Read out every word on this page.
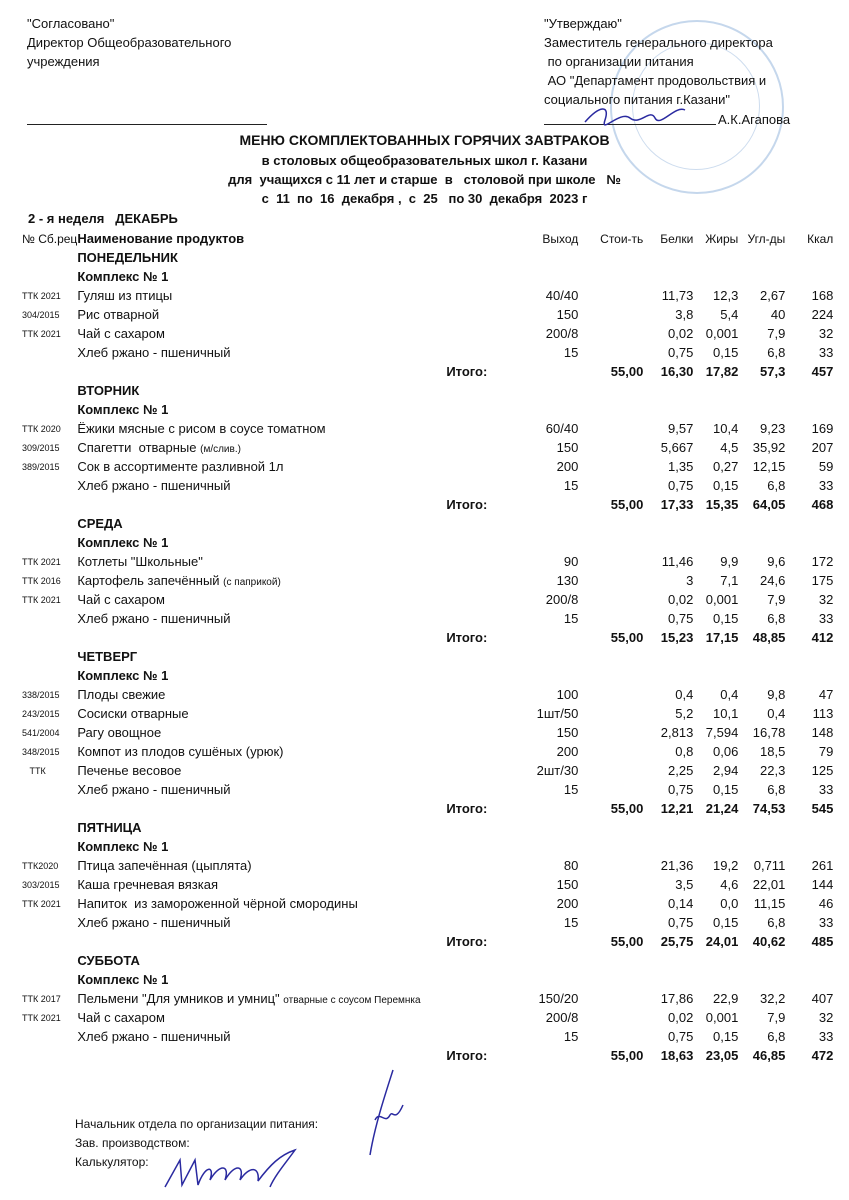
"Согласовано"
Директор Общеобразовательного
учреждения
"Утверждаю"
Заместитель генерального директора
по организации питания
АО "Департамент продовольствия и
социального питания г.Казани"
А.К.Агапова
МЕНЮ СКОМПЛЕКТОВАННЫХ ГОРЯЧИХ ЗАВТРАКОВ
в столовых общеобразовательных школ г. Казани
для  учащихся с 11 лет и старше  в   столовой при школе   №
с  11  по  16  декабря ,  с  25   по 30  декабря  2023 г
2 - я неделя   ДЕКАБРЬ
№ Сб.рец	Наименование продуктов	Выход	Стои-ть	Белки	Жиры	Угл-ды	Ккал
	ПОНЕДЕЛЬНИК						
	Комплекс № 1						
ТТК 2021	Гуляш из птицы	40/40		11,73	12,3	2,67	168
304/2015	Рис отварной	150		3,8	5,4	40	224
ТТК 2021	Чай с сахаром	200/8		0,02	0,001	7,9	32
	Хлеб ржано - пшеничный	15		0,75	0,15	6,8	33
	Итого:		55,00	16,30	17,82	57,3	457
	ВТОРНИК						
	Комплекс № 1						
ТТК 2020	Ёжики мясные с рисом в соусе томатном	60/40		9,57	10,4	9,23	169
309/2015	Спагетти  отварные (м/слив.)	150		5,667	4,5	35,92	207
389/2015	Сок в ассортименте разливной 1л	200		1,35	0,27	12,15	59
	Хлеб ржано - пшеничный	15		0,75	0,15	6,8	33
	Итого:		55,00	17,33	15,35	64,05	468
	СРЕДА						
	Комплекс № 1						
ТТК 2021	Котлеты "Школьные"	90		11,46	9,9	9,6	172
ТТК 2016	Картофель запечённый (с паприкой)	130		3	7,1	24,6	175
ТТК 2021	Чай с сахаром	200/8		0,02	0,001	7,9	32
	Хлеб ржано - пшеничный	15		0,75	0,15	6,8	33
	Итого:		55,00	15,23	17,15	48,85	412
	ЧЕТВЕРГ						
	Комплекс № 1						
338/2015	Плоды свежие	100		0,4	0,4	9,8	47
243/2015	Сосиски отварные	1шт/50		5,2	10,1	0,4	113
541/2004	Рагу овощное	150		2,813	7,594	16,78	148
348/2015	Компот из плодов сушёных (урюк)	200		0,8	0,06	18,5	79
ТТК	Печенье весовое	2шт/30		2,25	2,94	22,3	125
	Хлеб ржано - пшеничный	15		0,75	0,15	6,8	33
	Итого:		55,00	12,21	21,24	74,53	545
	ПЯТНИЦА						
	Комплекс № 1						
ТТК2020	Птица запечённая (цыплята)	80		21,36	19,2	0,711	261
303/2015	Каша гречневая вязкая	150		3,5	4,6	22,01	144
ТТК 2021	Напиток  из замороженной чёрной смородины	200		0,14	0,0	11,15	46
	Хлеб ржано - пшеничный	15		0,75	0,15	6,8	33
	Итого:		55,00	25,75	24,01	40,62	485
	СУББОТА						
	Комплекс № 1						
ТТК 2017	Пельмени "Для умников и умниц" отварные с соусом Перемнка	150/20		17,86	22,9	32,2	407
ТТК 2021	Чай с сахаром	200/8		0,02	0,001	7,9	32
	Хлеб ржано - пшеничный	15		0,75	0,15	6,8	33
	Итого:		55,00	18,63	23,05	46,85	472
Начальник отдела по организации питания:
Зав. производством:
Калькулятор:
